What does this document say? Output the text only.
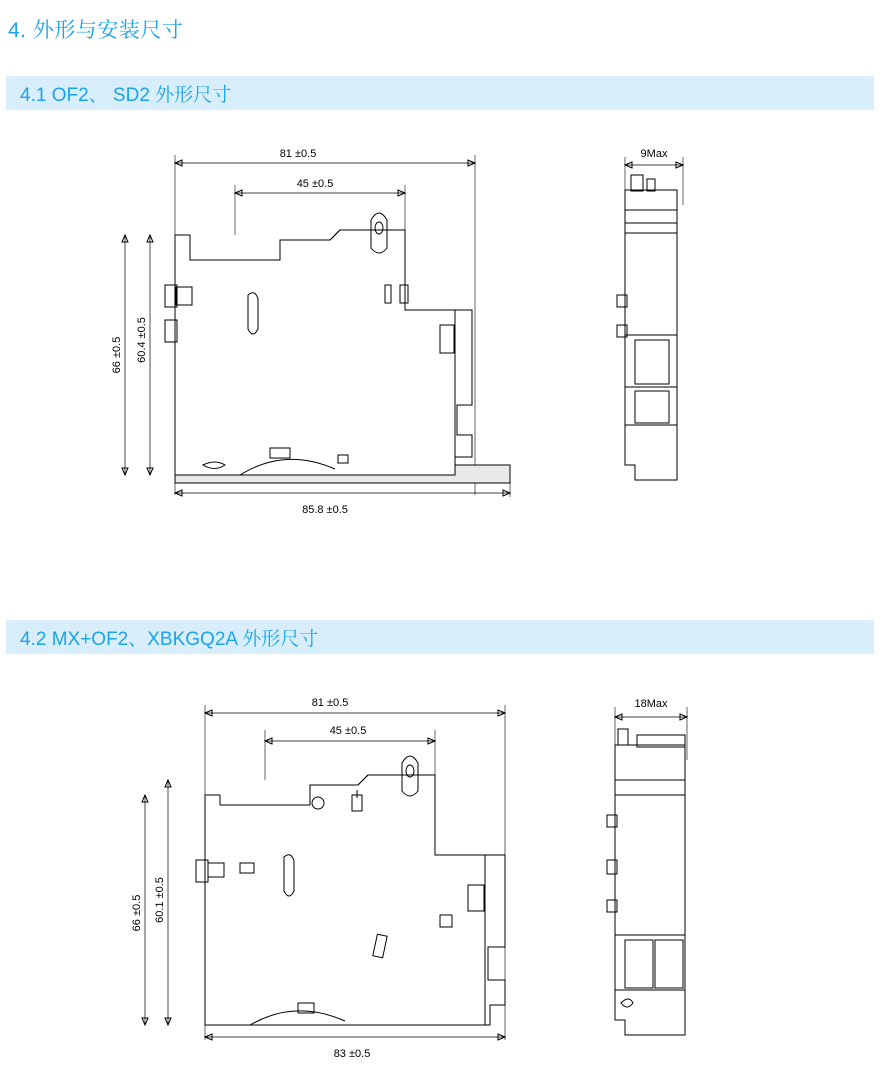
4. 外形与安装尺寸
4.1 OF2、 SD2 外形尺寸
81 ±0.5
45 ±0.5
66 ±0.5 60.4 ±0.5
85.8 ±0.5
9Max
4.2 MX+OF2、XBKGQ2A 外形尺寸
81 ±0.5
45 ±0.5
66 ±0.5 60.1 ±0.5
83 ±0.5
18Max
